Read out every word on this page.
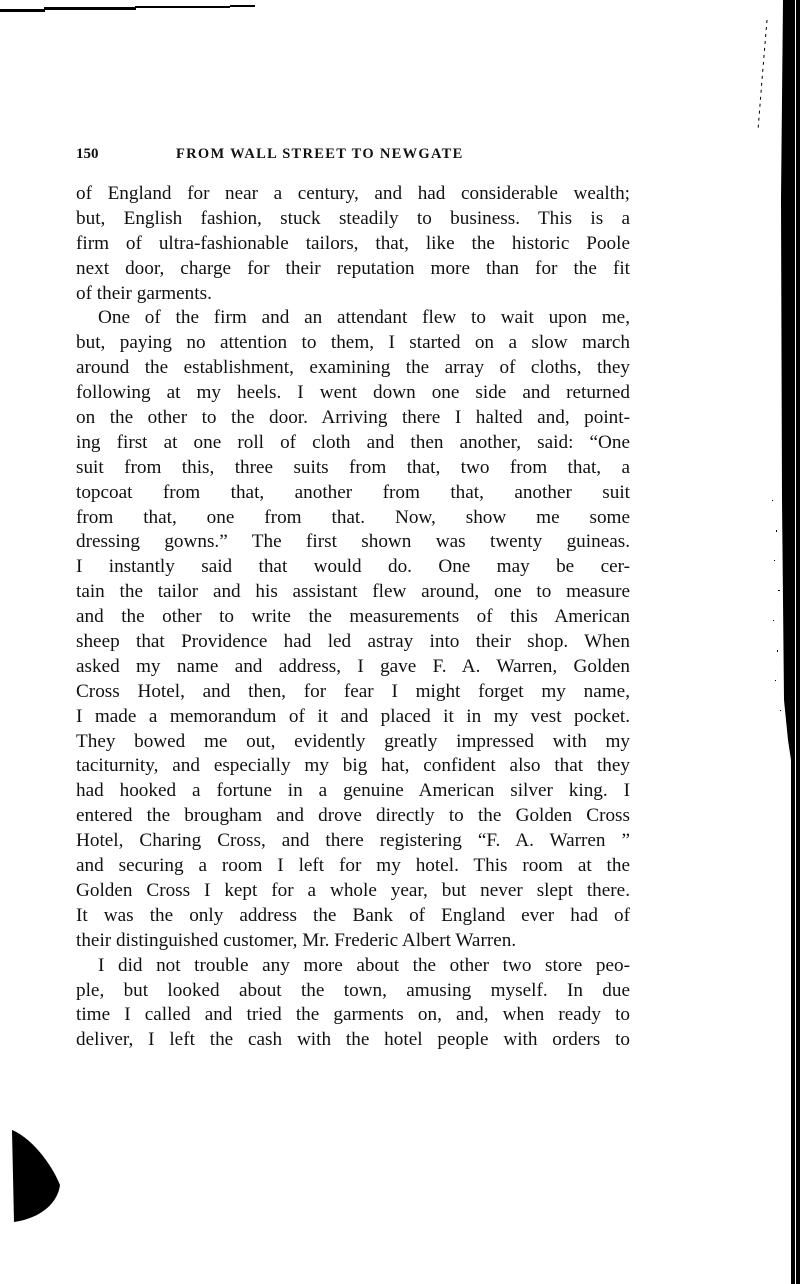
150	FROM WALL STREET TO NEWGATE
of England for near a century, and had considerable wealth;
but, English fashion, stuck steadily to business. This is a
firm of ultra-fashionable tailors, that, like the historic Poole
next door, charge for their reputation more than for the fit
of their garments.
One of the firm and an attendant flew to wait upon me,
but, paying no attention to them, I started on a slow march
around the establishment, examining the array of cloths, they
following at my heels. I went down one side and returned
on the other to the door. Arriving there I halted and, point-
ing first at one roll of cloth and then another, said: “One
suit from this, three suits from that, two from that, a
topcoat from that, another from that, another suit
from that, one from that. Now, show me some
dressing gowns.” The first shown was twenty guineas.
I instantly said that would do. One may be cer-
tain the tailor and his assistant flew around, one to measure
and the other to write the measurements of this American
sheep that Providence had led astray into their shop. When
asked my name and address, I gave F. A. Warren, Golden
Cross Hotel, and then, for fear I might forget my name,
I made a memorandum of it and placed it in my vest pocket.
They bowed me out, evidently greatly impressed with my
taciturnity, and especially my big hat, confident also that they
had hooked a fortune in a genuine American silver king. I
entered the brougham and drove directly to the Golden Cross
Hotel, Charing Cross, and there registering “F. A. Warren ”
and securing a room I left for my hotel. This room at the
Golden Cross I kept for a whole year, but never slept there.
It was the only address the Bank of England ever had of
their distinguished customer, Mr. Frederic Albert Warren.
I did not trouble any more about the other two store peo-
ple, but looked about the town, amusing myself. In due
time I called and tried the garments on, and, when ready to
deliver, I left the cash with the hotel people with orders to
